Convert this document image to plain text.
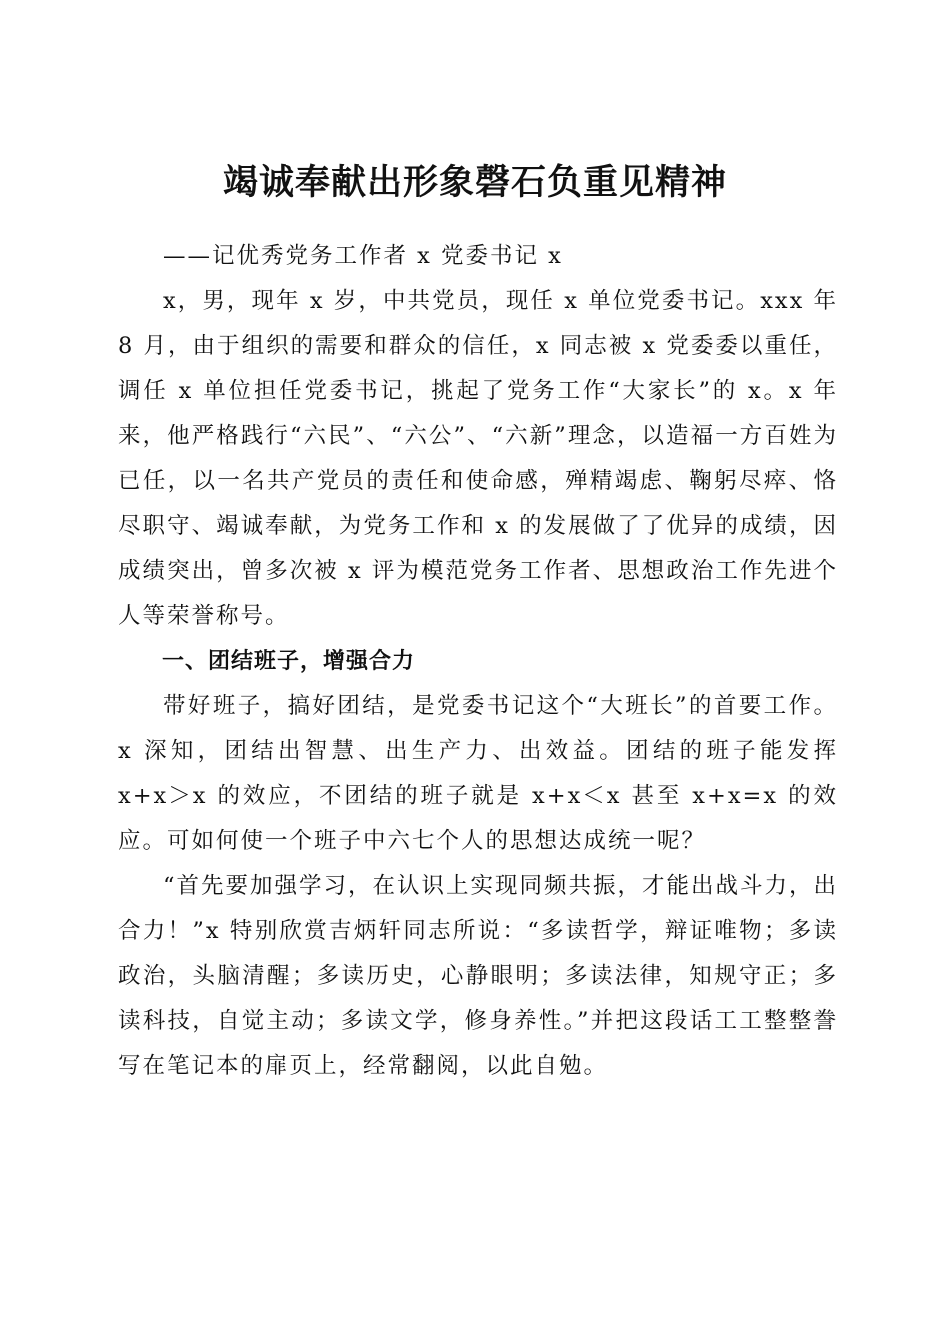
竭诚奉献出形象磬石负重见精神

——记优秀党务工作者 x 党委书记 x

x，男，现年 x 岁，中共党员，现任 x 单位党委书记。xxx 年 8 月，由于组织的需要和群众的信任，x 同志被 x 党委委以重任，调任 x 单位担任党委书记，挑起了党务工作“大家长”的 x。x 年来，他严格践行“六民”、“六公”、“六新”理念，以造福一方百姓为已任，以一名共产党员的责任和使命感，殚精竭虑、鞠躬尽瘁、恪尽职守、竭诚奉献，为党务工作和 x 的发展做了了优异的成绩，因成绩突出，曾多次被 x 评为模范党务工作者、思想政治工作先进个人等荣誉称号。

一、团结班子，增强合力

带好班子，搞好团结，是党委书记这个“大班长”的首要工作。x 深知，团结出智慧、出生产力、出效益。团结的班子能发挥 x+x＞x 的效应，不团结的班子就是 x+x＜x 甚至 x+x=x 的效应。可如何使一个班子中六七个人的思想达成统一呢？

“首先要加强学习，在认识上实现同频共振，才能出战斗力，出合力！”x 特别欣赏吉炳轩同志所说：“多读哲学，辩证唯物；多读政治，头脑清醒；多读历史，心静眼明；多读法律，知规守正；多读科技，自觉主动；多读文学，修身养性。”并把这段话工工整整誊写在笔记本的扉页上，经常翻阅，以此自勉。
